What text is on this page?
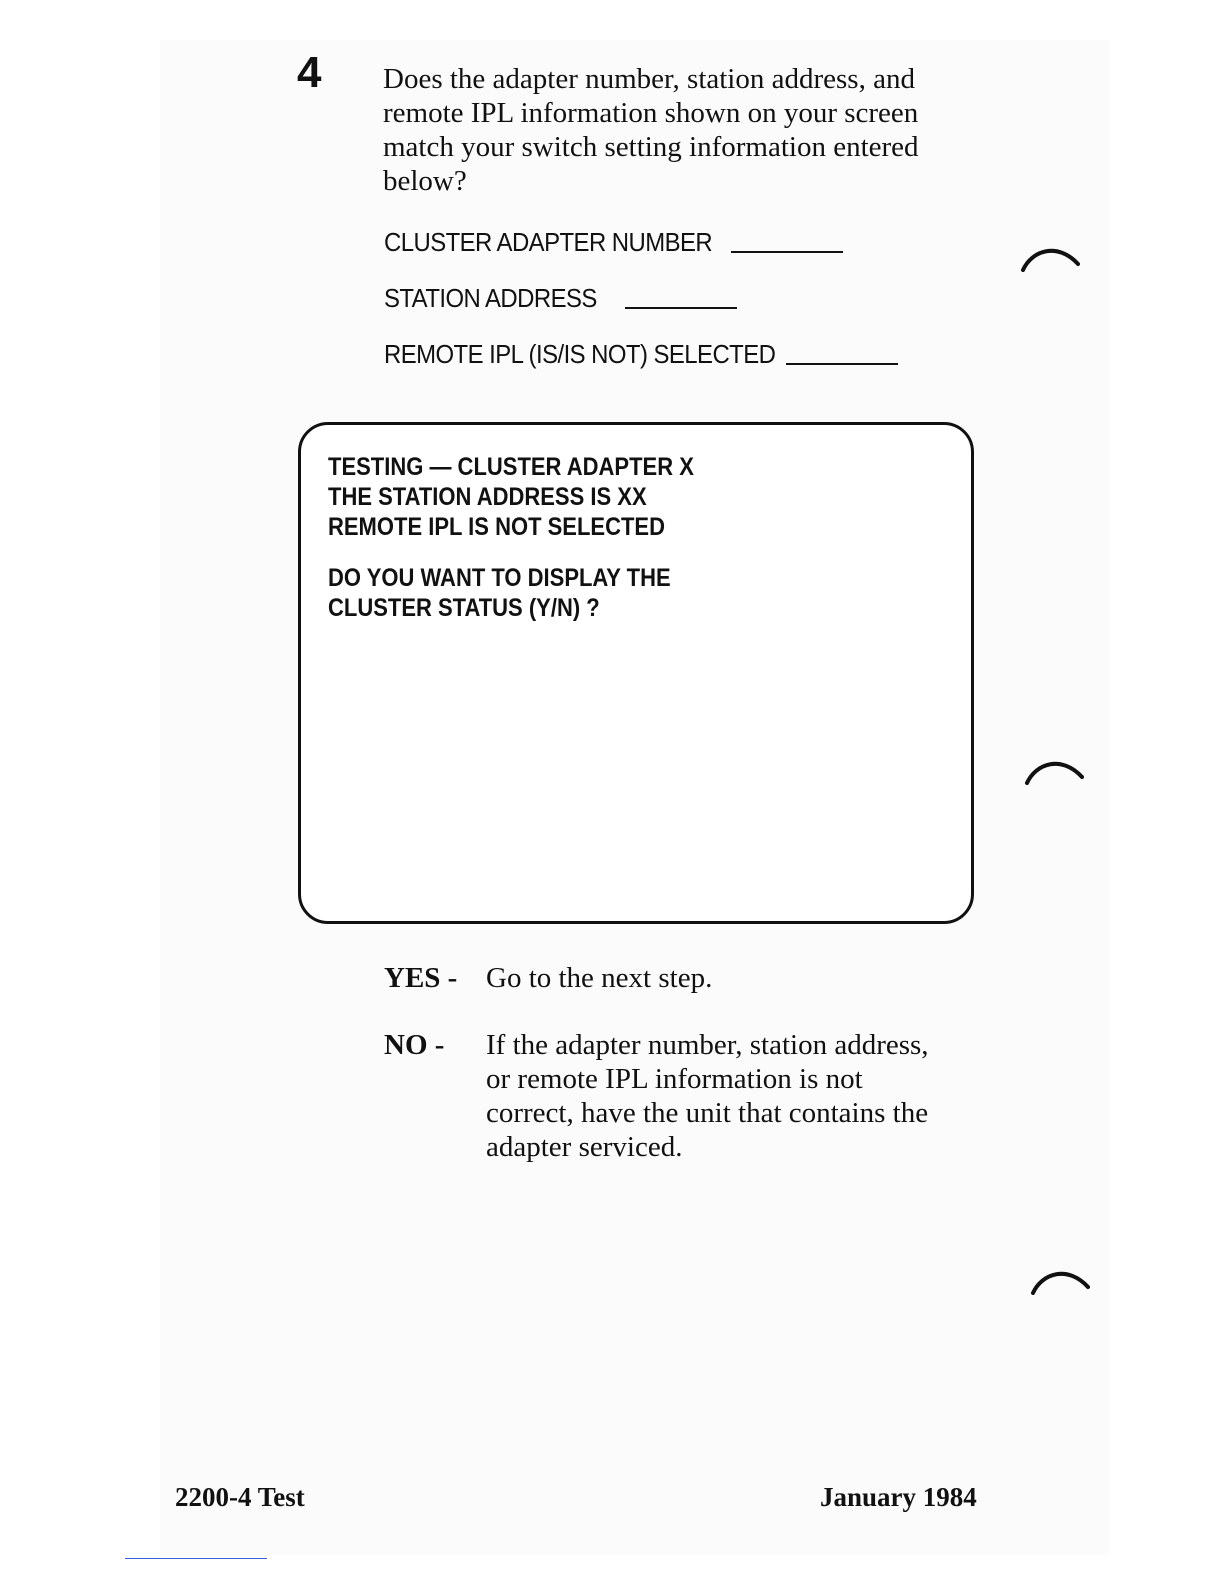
4 Does the adapter number, station address, and
remote IPL information shown on your screen
match your switch setting information entered
below?
CLUSTER ADAPTER NUMBER
STATION ADDRESS
REMOTE IPL (IS/IS NOT) SELECTED
TESTING — CLUSTER ADAPTER X
THE STATION ADDRESS IS XX
REMOTE IPL IS NOT SELECTED
DO YOU WANT TO DISPLAY THE
CLUSTER STATUS (Y/N) ?
YES - Go to the next step.
NO - If the adapter number, station address,
or remote IPL information is not
correct, have the unit that contains the
adapter serviced.
2200-4 Test	January 1984
